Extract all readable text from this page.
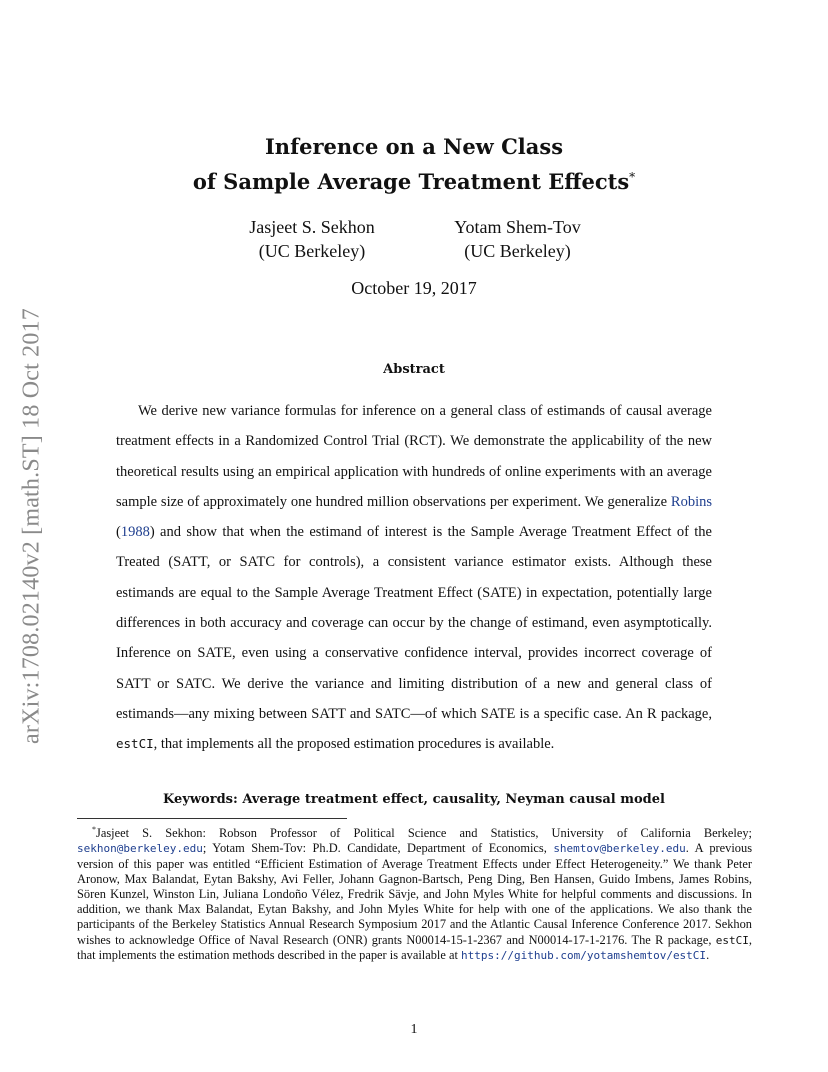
arXiv:1708.02140v2 [math.ST] 18 Oct 2017
Inference on a New Class
of Sample Average Treatment Effects*
Jasjeet S. Sekhon
(UC Berkeley)
Yotam Shem-Tov
(UC Berkeley)
October 19, 2017
Abstract

We derive new variance formulas for inference on a general class of estimands of causal average treatment effects in a Randomized Control Trial (RCT). We demonstrate the applicability of the new theoretical results using an empirical application with hundreds of online experiments with an average sample size of approximately one hundred million observations per experiment. We generalize Robins (1988) and show that when the estimand of interest is the Sample Average Treatment Effect of the Treated (SATT, or SATC for controls), a consistent variance estimator exists. Although these estimands are equal to the Sample Average Treatment Effect (SATE) in expectation, potentially large differences in both accuracy and coverage can occur by the change of estimand, even asymptotically. Inference on SATE, even using a conservative confidence interval, provides incorrect coverage of SATT or SATC. We derive the variance and limiting distribution of a new and general class of estimands—any mixing between SATT and SATC—of which SATE is a specific case. An R package, estCI, that implements all the proposed estimation procedures is available.

Keywords: Average treatment effect, causality, Neyman causal model

*Jasjeet S. Sekhon: Robson Professor of Political Science and Statistics, University of California Berkeley; sekhon@berkeley.edu; Yotam Shem-Tov: Ph.D. Candidate, Department of Economics, shemtov@berkeley.edu. A previous version of this paper was entitled “Efficient Estimation of Average Treatment Effects under Effect Heterogeneity.” We thank Peter Aronow, Max Balandat, Eytan Bakshy, Avi Feller, Johann Gagnon-Bartsch, Peng Ding, Ben Hansen, Guido Imbens, James Robins, Sören Kunzel, Winston Lin, Juliana Londoño Vélez, Fredrik Sävje, and John Myles White for helpful comments and discussions. In addition, we thank Max Balandat, Eytan Bakshy, and John Myles White for help with one of the applications. We also thank the participants of the Berkeley Statistics Annual Research Symposium 2017 and the Atlantic Causal Inference Conference 2017. Sekhon wishes to acknowledge Office of Naval Research (ONR) grants N00014-15-1-2367 and N00014-17-1-2176. The R package, estCI, that implements the estimation methods described in the paper is available at https://github.com/yotamshemtov/estCI.

1
